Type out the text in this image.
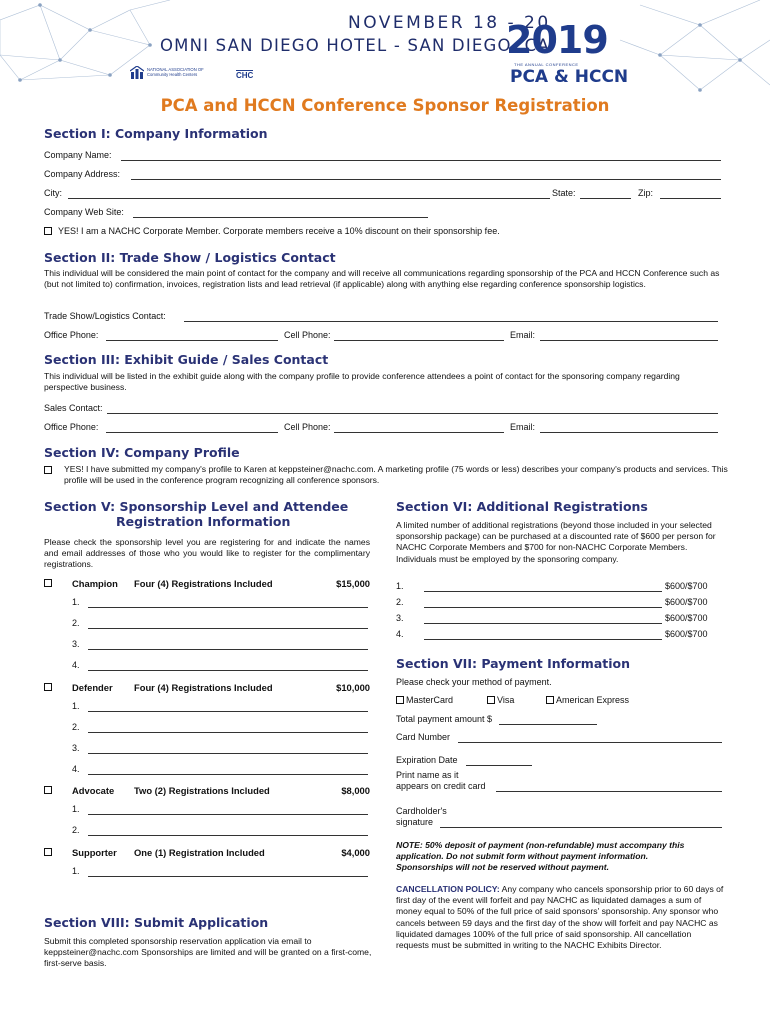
NOVEMBER 18 - 20
OMNI SAN DIEGO HOTEL - SAN DIEGO, CA
NATIONAL ASSOCIATION OF Community Health Centers	CHC
2019
THE ANNUAL CONFERENCE
PCA & HCCN
PCA and HCCN Conference Sponsor Registration
Section I: Company Information
Company Name:
Company Address:
City:	State:	Zip:
Company Web Site:
YES! I am a NACHC Corporate Member. Corporate members receive a 10% discount on their sponsorship fee.
Section II: Trade Show / Logistics Contact
This individual will be considered the main point of contact for the company and will receive all communications regarding sponsorship of the PCA and HCCN Conference such as (but not limited to) confirmation, invoices, registration lists and lead retrieval (if applicable) along with anything else regarding conference sponsorship logistics.
Trade Show/Logistics Contact:
Office Phone:	Cell Phone:	Email:
Section III: Exhibit Guide / Sales Contact
This individual will be listed in the exhibit guide along with the company profile to provide conference attendees a point of contact for the sponsoring company regarding perspective business.
Sales Contact:
Office Phone:	Cell Phone:	Email:
Section IV: Company Profile
YES! I have submitted my company's profile to Karen at keppsteiner@nachc.com. A marketing profile (75 words or less) describes your company's products and services. This profile will be used in the conference program recognizing all conference sponsors.
Section V: Sponsorship Level and Attendee
Registration Information
Please check the sponsorship level you are registering for and indicate the names and email addresses of those who you would like to register for the complimentary registrations.
Champion Four (4) Registrations Included	$15,000
1.
2.
3.
4.
Defender Four (4) Registrations Included	$10,000
1.
2.
3.
4.
Advocate Two (2) Registrations Included	$8,000
1.
2.
Supporter One (1) Registration Included	$4,000
1.
Section VIII: Submit Application
Submit this completed sponsorship reservation application via email to keppsteiner@nachc.com Sponsorships are limited and will be granted on a first-come, first-serve basis.
Section VI: Additional Registrations
A limited number of additional registrations (beyond those included in your selected sponsorship package) can be purchased at a discounted rate of $600 per person for NACHC Corporate Members and $700 for non-NACHC Corporate Members. Individuals must be employed by the sponsoring company.
1.	$600/$700
2.	$600/$700
3.	$600/$700
4.	$600/$700
Section VII: Payment Information
Please check your method of payment.
MasterCard	Visa	American Express
Total payment amount $
Card Number
Expiration Date
Print name as it
appears on credit card
Cardholder's
signature
NOTE: 50% deposit of payment (non-refundable) must accompany this application. Do not submit form without payment information. Sponsorships will not be reserved without payment.
CANCELLATION POLICY: Any company who cancels sponsorship prior to 60 days of first day of the event will forfeit and pay NACHC as liquidated damages a sum of money equal to 50% of the full price of said sponsors' sponsorship. Any sponsor who cancels between 59 days and the first day of the show will forfeit and pay NACHC as liquidated damages 100% of the full price of said sponsorship. All cancellation requests must be submitted in writing to the NACHC Exhibits Director.
